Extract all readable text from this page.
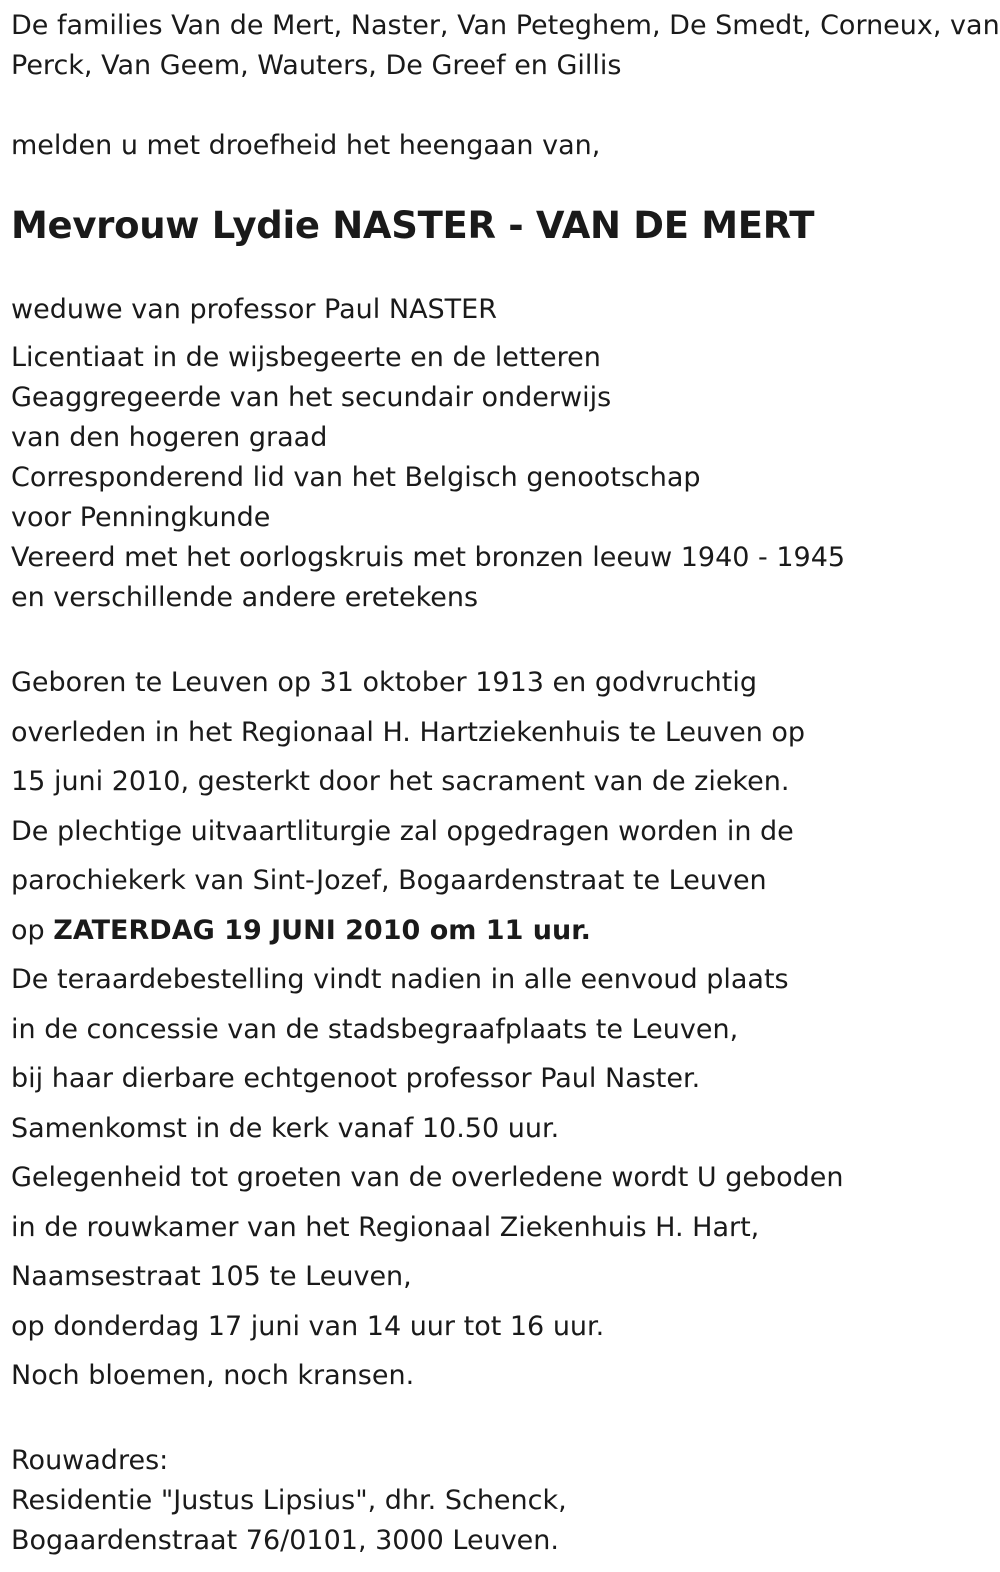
De families Van de Mert, Naster, Van Peteghem, De Smedt, Corneux, van
Perck, Van Geem, Wauters, De Greef en Gillis
melden u met droefheid het heengaan van,
Mevrouw Lydie NASTER - VAN DE MERT
weduwe van professor Paul NASTER
Licentiaat in de wijsbegeerte en de letteren
Geaggregeerde van het secundair onderwijs
van den hogeren graad
Corresponderend lid van het Belgisch genootschap
voor Penningkunde
Vereerd met het oorlogskruis met bronzen leeuw 1940 - 1945
en verschillende andere eretekens
Geboren te Leuven op 31 oktober 1913 en godvruchtig
overleden in het Regionaal H. Hartziekenhuis te Leuven op
15 juni 2010, gesterkt door het sacrament van de zieken.
De plechtige uitvaartliturgie zal opgedragen worden in de
parochiekerk van Sint-Jozef, Bogaardenstraat te Leuven
op ZATERDAG 19 JUNI 2010 om 11 uur.
De teraardebestelling vindt nadien in alle eenvoud plaats
in de concessie van de stadsbegraafplaats te Leuven,
bij haar dierbare echtgenoot professor Paul Naster.
Samenkomst in de kerk vanaf 10.50 uur.
Gelegenheid tot groeten van de overledene wordt U geboden
in de rouwkamer van het Regionaal Ziekenhuis H. Hart,
Naamsestraat 105 te Leuven,
op donderdag 17 juni van 14 uur tot 16 uur.
Noch bloemen, noch kransen.
Rouwadres:
Residentie "Justus Lipsius", dhr. Schenck,
Bogaardenstraat 76/0101, 3000 Leuven.
